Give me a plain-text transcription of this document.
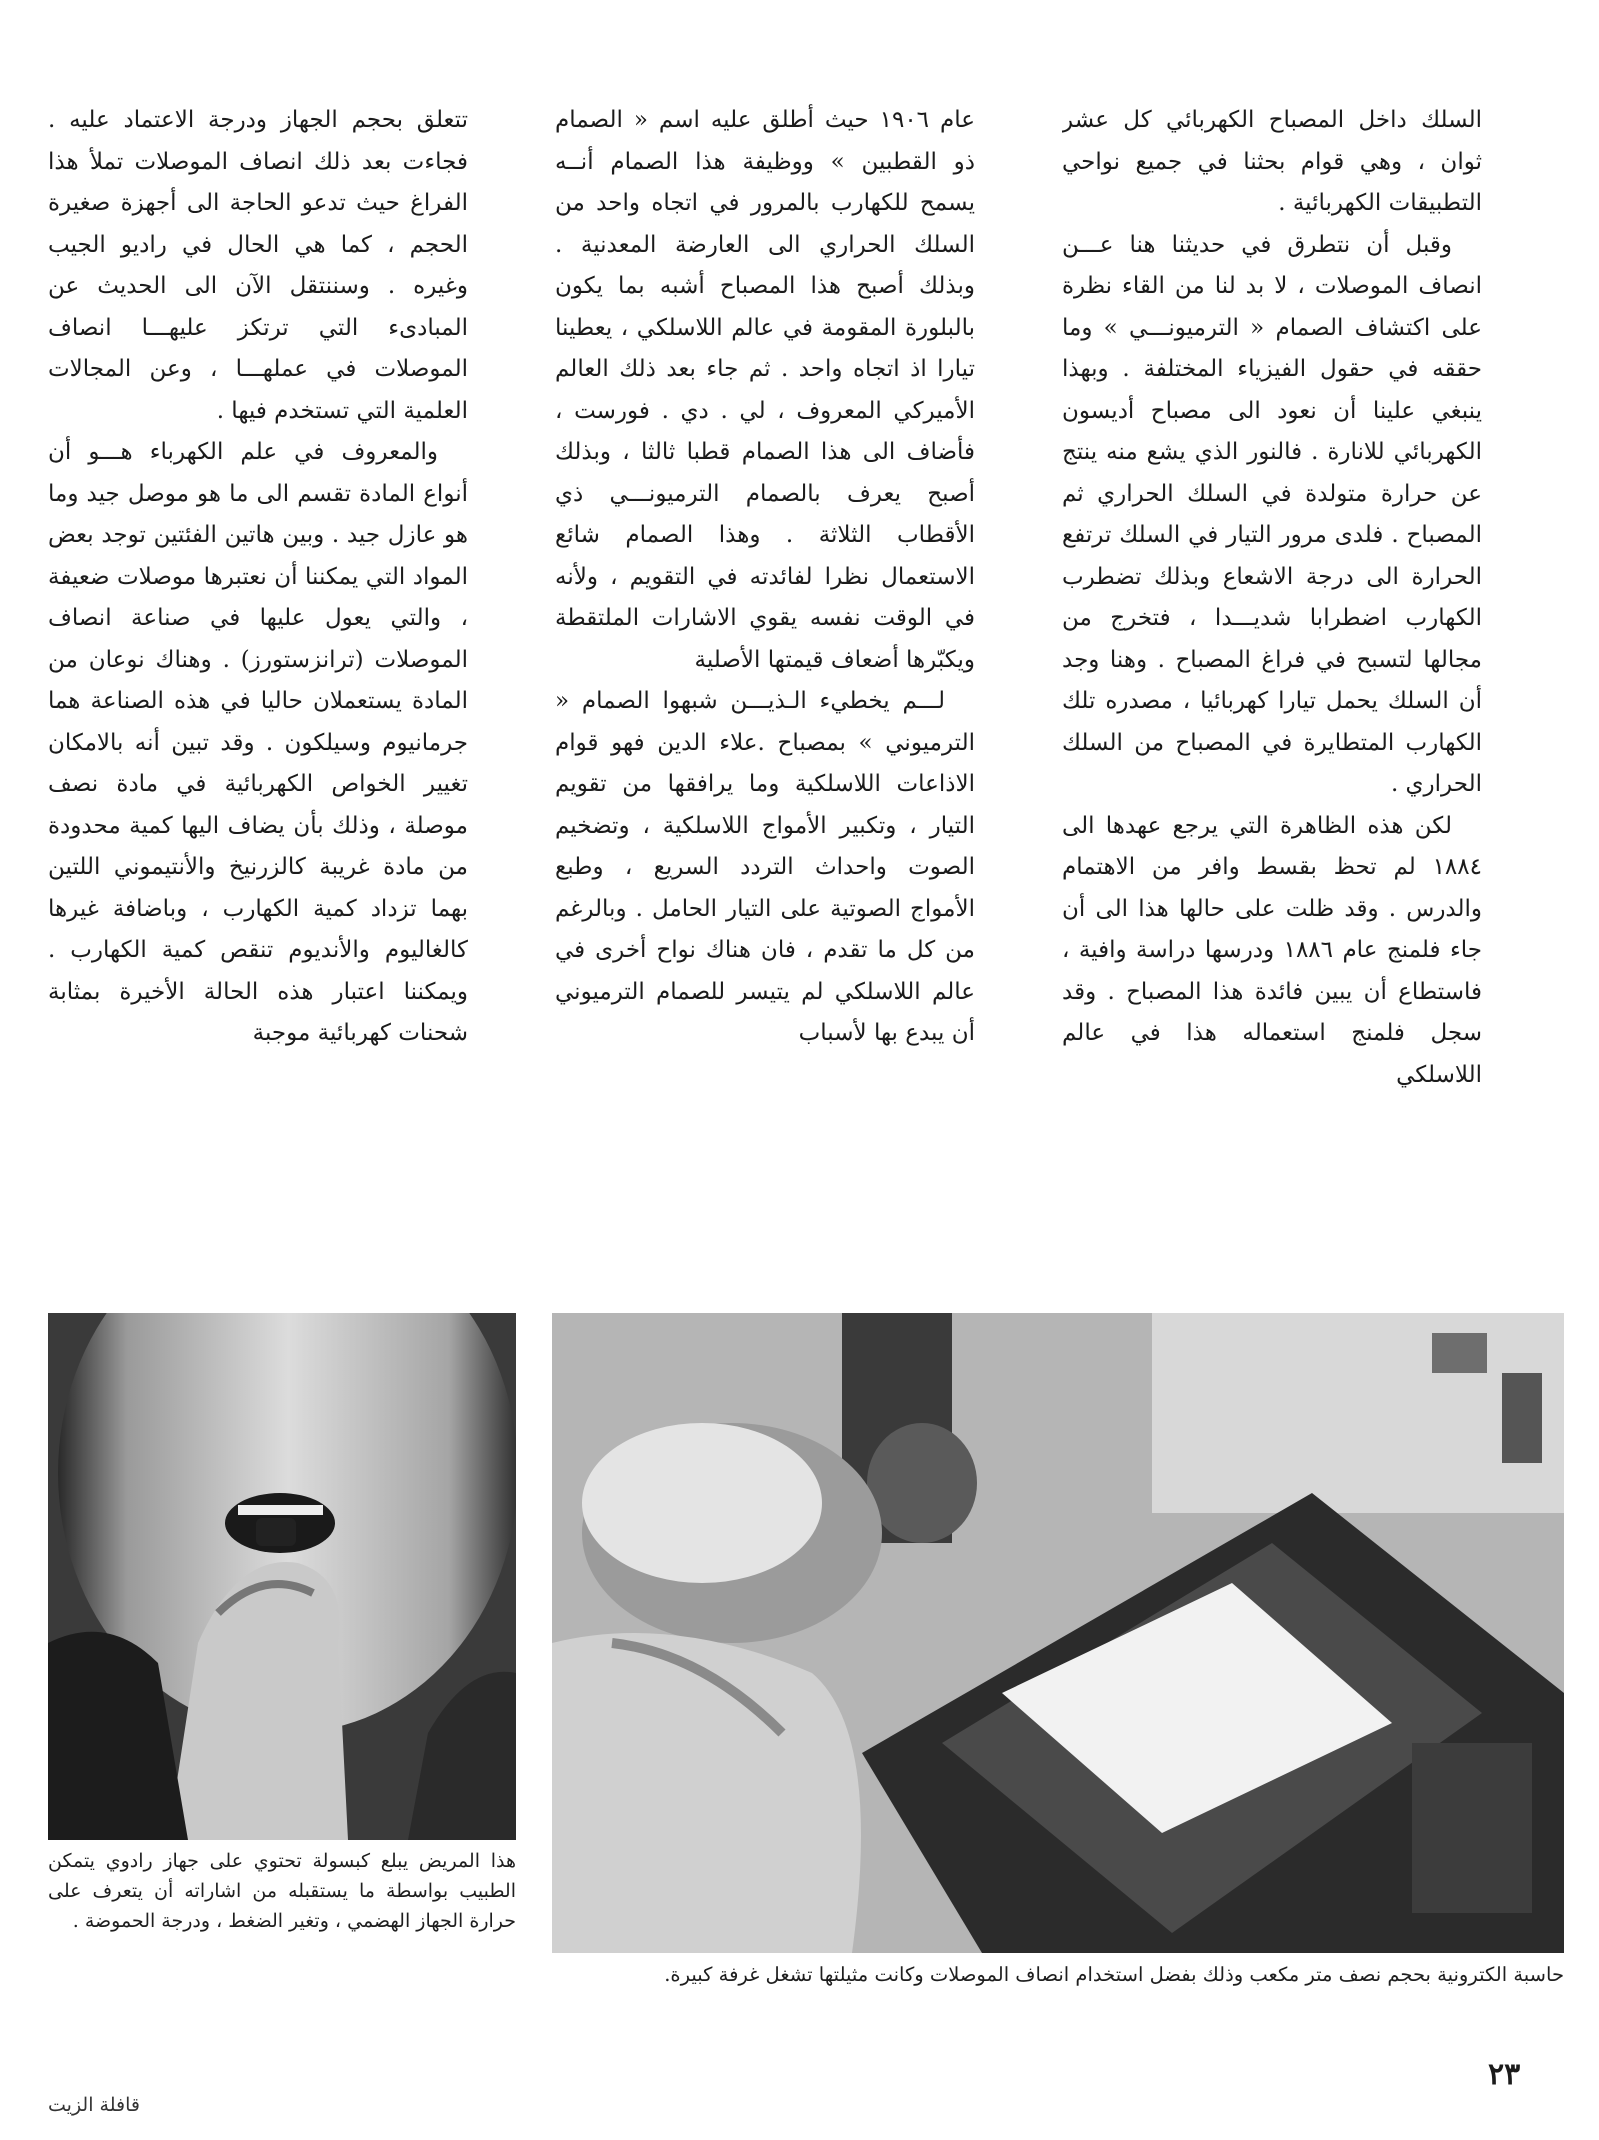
السلك داخل المصباح الكهربائي كل عشر ثوان ، وهي قوام بحثنا في جميع نواحي التطبيقات الكهربائية .

وقبل أن نتطرق في حديثنا هنا عـــن انصاف الموصلات ، لا بد لنا من القاء نظرة على اكتشاف الصمام « الترميونـــي » وما حققه في حقول الفيزياء المختلفة . وبهذا ينبغي علينا أن نعود الى مصباح أديسون الكهربائي للانارة . فالنور الذي يشع منه ينتج عن حرارة متولدة في السلك الحراري ثم المصباح . فلدى مرور التيار في السلك ترتفع الحرارة الى درجة الاشعاع وبذلك تضطرب الكهارب اضطرابا شديـــدا ، فتخرج من مجالها لتسبح في فراغ المصباح . وهنا وجد أن السلك يحمل تيارا كهربائيا ، مصدره تلك الكهارب المتطايرة في المصباح من السلك الحراري .

لكن هذه الظاهرة التي يرجع عهدها الى ١٨٨٤ لم تحظ بقسط وافر من الاهتمام والدرس . وقد ظلت على حالها هذا الى أن جاء فلمنج عام ١٨٨٦ ودرسها دراسة وافية ، فاستطاع أن يبين فائدة هذا المصباح . وقد سجل فلمنج استعماله هذا في عالم اللاسلكي

عام ١٩٠٦ حيث أطلق عليه اسم « الصمام ذو القطبين » ووظيفة هذا الصمام أنــه يسمح للكهارب بالمرور في اتجاه واحد من السلك الحراري الى العارضة المعدنية . وبذلك أصبح هذا المصباح أشبه بما يكون بالبلورة المقومة في عالم اللاسلكي ، يعطينا تيارا اذ اتجاه واحد . ثم جاء بعد ذلك العالم الأميركي المعروف ، لي . دي . فورست ، فأضاف الى هذا الصمام قطبا ثالثا ، وبذلك أصبح يعرف بالصمام الترميونـــي ذي الأقطاب الثلاثة . وهذا الصمام شائع الاستعمال نظرا لفائدته في التقويم ، ولأنه في الوقت نفسه يقوي الاشارات الملتقطة ويكبّرها أضعاف قيمتها الأصلية

لـــم يخطيء الـذيـــن شبهوا الصمام « الترميوني » بمصباح .علاء الدين فهو قوام الاذاعات اللاسلكية وما يرافقها من تقويم التيار ، وتكبير الأمواج اللاسلكية ، وتضخيم الصوت واحداث التردد السريع ، وطبع الأمواج الصوتية على التيار الحامل . وبالرغم من كل ما تقدم ، فان هناك نواح أخرى في عالم اللاسلكي لم يتيسر للصمام الترميوني أن يبدع بها لأسباب

تتعلق بحجم الجهاز ودرجة الاعتماد عليه . فجاءت بعد ذلك انصاف الموصلات تملأ هذا الفراغ حيث تدعو الحاجة الى أجهزة صغيرة الحجم ، كما هي الحال في راديو الجيب وغيره . وسننتقل الآن الى الحديث عن المبادىء التي ترتكز عليهـــا انصاف الموصلات في عملهـــا ، وعن المجالات العلمية التي تستخدم فيها .

والمعروف في علم الكهرباء هـــو أن أنواع المادة تقسم الى ما هو موصل جيد وما هو عازل جيد . وبين هاتين الفئتين توجد بعض المواد التي يمكننا أن نعتبرها موصلات ضعيفة ، والتي يعول عليها في صناعة انصاف الموصلات (ترانزستورز) . وهناك نوعان من المادة يستعملان حاليا في هذه الصناعة هما جرمانيوم وسيلكون . وقد تبين أنه بالامكان تغيير الخواص الكهربائية في مادة نصف موصلة ، وذلك بأن يضاف اليها كمية محدودة من مادة غريبة كالزرنيخ والأنتيموني اللتين بهما تزداد كمية الكهارب ، وباضافة غيرها كالغاليوم والأنديوم تنقص كمية الكهارب . ويمكننا اعتبار هذه الحالة الأخيرة بمثابة شحنات كهربائية موجبة

هذا المريض يبلع كبسولة تحتوي على جهاز رادوي يتمكن الطبيب بواسطة ما يستقبله من اشاراته أن يتعرف على حرارة الجهاز الهضمي ، وتغير الضغط ، ودرجة الحموضة .
حاسبة الكترونية بحجم نصف متر مكعب وذلك بفضل استخدام انصاف الموصلات وكانت مثيلتها تشغل غرفة كبيرة.
٢٣
قافلة الزيت
